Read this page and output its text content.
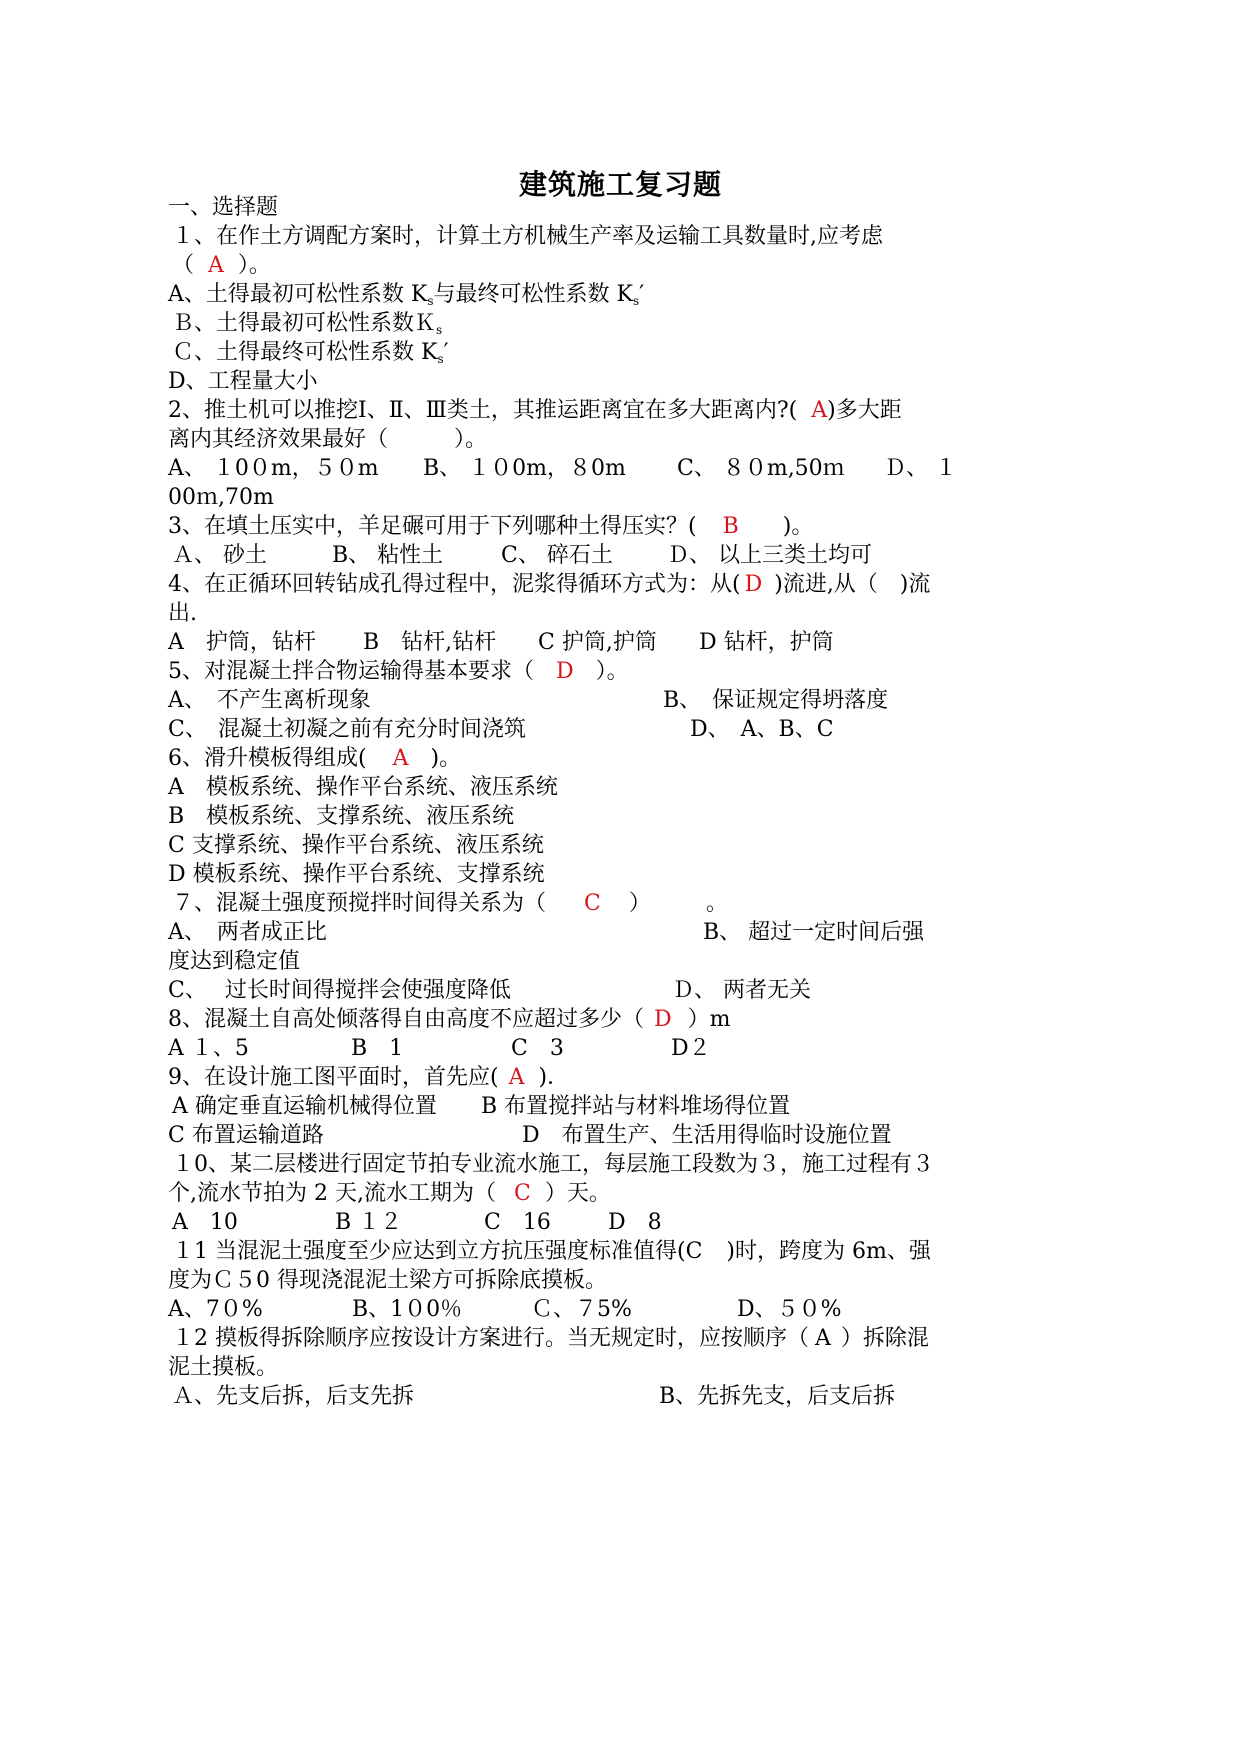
建筑施工复习题
一、选择题
１、在作土方调配方案时，计算土方机械生产率及运输工具数量时,应考虑
（ A ）。
A、土得最初可松性系数 $K_s$与最终可松性系数 $K_s'$
Ｂ、土得最初可松性系数Ｋ$_s$
Ｃ、土得最终可松性系数 $K_s'$
D、工程量大小
2、推土机可以推挖Ⅰ、Ⅱ、Ⅲ类土，其推运距离宜在多大距离内?( A)多大距
离内其经济效果最好（　　　）。
A、 １0０m，５０m B、 １０0m，８0m C、 ８０m,50ｍ Ｄ、 １
00ｍ,70m
3、在填土压实中，羊足碾可用于下列哪种土得压实？( B )。
Ａ、 砂土	B、 粘性土	C、 碎石土 Ｄ、 以上三类土均可
4、在正循环回转钻成孔得过程中，泥浆得循环方式为：从( D )流进,从（　)流
出.
A　护筒，钻杆 B　钻杆,钻杆 C 护筒,护筒 D 钻杆，护筒
5、对混凝土拌合物运输得基本要求（ D ）。
A、　不产生离析现象	B、　保证规定得坍落度
C、　混凝土初凝之前有充分时间浇筑	D、　A、B、C
6、滑升模板得组成( A )。
A　模板系统、操作平台系统、液压系统
B　模板系统、支撑系统、液压系统
C 支撑系统、操作平台系统、液压系统
D 模板系统、操作平台系统、支撑系统
７、混凝土强度预搅拌时间得关系为（ C ）　　　。
A、　两者成正比	B、 超过一定时间后强
度达到稳定值
C、　 过长时间得搅拌会使强度降低	Ｄ、 两者无关
8、混凝土自高处倾落得自由高度不应超过多少（ D ）m
A １、5	B　1	C　3	D２
9、在设计施工图平面时，首先应( A )．
A 确定垂直运输机械得位置 B 布置搅拌站与材料堆场得位置
C 布置运输道路	D　布置生产、生活用得临时设施位置
１0、某二层楼进行固定节拍专业流水施工，每层施工段数为３，施工过程有３
个,流水节拍为 2 天,流水工期为（ C ）天。
A　10	B １２	C　16	D　8
１1 当混泥土强度至少应达到立方抗压强度标准值得(C )时，跨度为 6m、强
度为Ｃ５0 得现浇混泥土梁方可拆除底摸板。
A、7０%	B、1０0％	Ｃ、７5%	D、５０%
１2 摸板得拆除顺序应按设计方案进行。当无规定时，应按顺序（ A ）拆除混
泥土摸板。
Ａ、先支后拆，后支先拆	B、先拆先支，后支后拆
